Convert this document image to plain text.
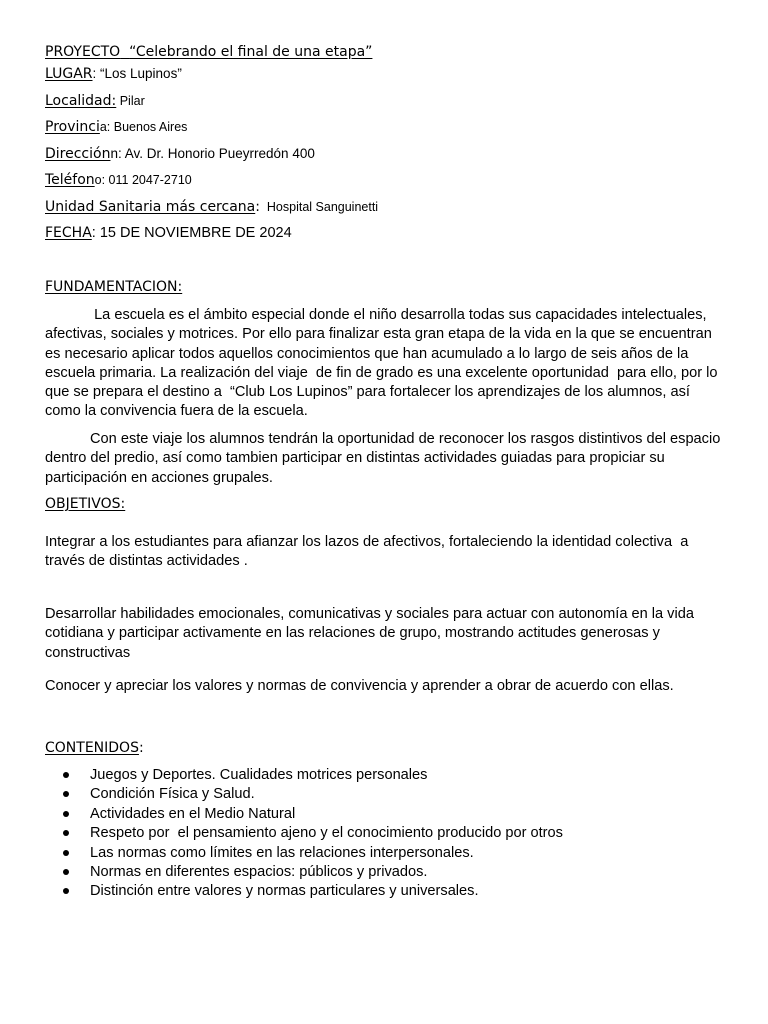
PROYECTO “Celebrando el final de una etapa”
LUGAR: “Los Lupinos”
Localidad: Pilar
Provincia: Buenos Aires
Direcciónn: Av. Dr. Honorio Pueyrredón 400
Teléfono: 011 2047-2710
Unidad Sanitaria más cercana:  Hospital Sanguinetti
FECHA: 15 DE NOVIEMBRE DE 2024
FUNDAMENTACION:

La escuela es el ámbito especial donde el niño desarrolla todas sus capacidades intelectuales, afectivas, sociales y motrices. Por ello para finalizar esta gran etapa de la vida en la que se encuentran es necesario aplicar todos aquellos conocimientos que han acumulado a lo largo de seis años de la escuela primaria. La realización del viaje  de fin de grado es una excelente oportunidad  para ello, por lo que se prepara el destino a  “Club Los Lupinos” para fortalecer los aprendizajes de los alumnos, así como la convivencia fuera de la escuela.

Con este viaje los alumnos tendrán la oportunidad de reconocer los rasgos distintivos del espacio dentro del predio, así como tambien participar en distintas actividades guiadas para propiciar su participación en acciones grupales.

OBJETIVOS:

Integrar a los estudiantes para afianzar los lazos de afectivos, fortaleciendo la identidad colectiva  a través de distintas actividades .

Desarrollar habilidades emocionales, comunicativas y sociales para actuar con autonomía en la vida cotidiana y participar activamente en las relaciones de grupo, mostrando actitudes generosas y constructivas

Conocer y apreciar los valores y normas de convivencia y aprender a obrar de acuerdo con ellas.

CONTENIDOS:
Juegos y Deportes. Cualidades motrices personales
Condición Física y Salud.
Actividades en el Medio Natural
Respeto por  el pensamiento ajeno y el conocimiento producido por otros
Las normas como límites en las relaciones interpersonales.
Normas en diferentes espacios: públicos y privados.
Distinción entre valores y normas particulares y universales.
